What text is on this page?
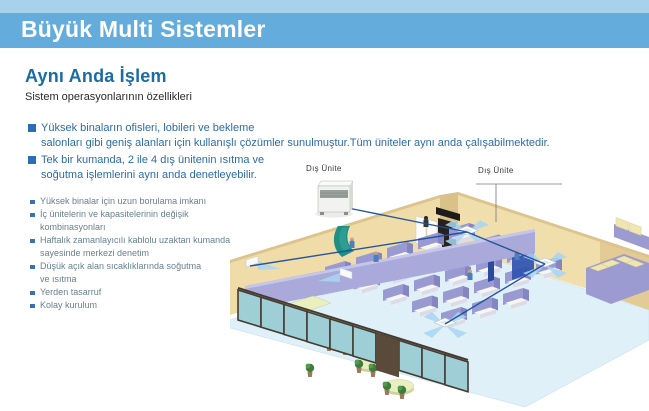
Büyük Multi Sistemler
Aynı Anda İşlem
Sistem operasyonlarının özellikleri
Yüksek binaların ofisleri, lobileri ve bekleme
salonları gibi geniş alanları için kullanışlı çözümler sunulmuştur.Tüm üniteler aynı anda çalışabilmektedir.
Tek bir kumanda, 2 ile 4 dış ünitenin ısıtma ve
soğutma işlemlerini aynı anda denetleyebilir.
Yüksek binalar için uzun borulama imkanı
İç ünitelerin ve kapasitelerinin değişik
kombinasyonları
Haftalık zamanlayıcılı kablolu uzaktan kumanda
sayesinde merkezi denetim
Düşük açık alan sıcaklıklarında soğutma
ve ısıtma
Yerden tasarruf
Kolay kurulum
Dış Ünite	Dış Ünite
